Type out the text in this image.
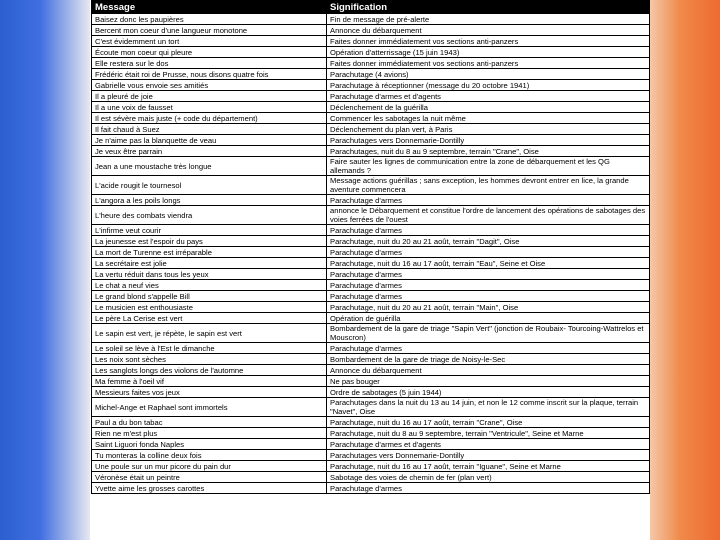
Message	Signification
Baisez donc les paupières	Fin de message de pré-alerte
Bercent mon coeur d'une langueur monotone	Annonce du débarquement
C'est évidemment un tort	Faites donner immédiatement vos sections anti-panzers
Écoute mon coeur qui pleure	Opération d'atterrissage (15 juin 1943)
Elle restera sur le dos	Faites donner immédiatement vos sections anti-panzers
Frédéric était roi de Prusse, nous disons quatre fois	Parachutage (4 avions)
Gabrielle vous envoie ses amitiés	Parachutage à réceptionner (message du 20 octobre 1941)
Il a pleuré de joie	Parachutage d'armes et d'agents
Il a une voix de fausset	Déclenchement de la guérilla
Il est sévère mais juste (+ code du département)	Commencer les sabotages la nuit même
Il fait chaud à Suez	Déclenchement du plan vert, à Paris
Je n'aime pas la blanquette de veau	Parachutages vers Donnemarie-Dontilly
Je veux être parrain	Parachutages, nuit du 8 au 9 septembre, terrain "Crane", Oise
Jean a une moustache très longue	Faire sauter les lignes de communication entre la zone de débarquement et les QG allemands ?
L'acide rougit le tournesol	Message actions guérillas ; sans exception, les hommes devront entrer en lice, la grande aventure commencera
L'angora a les poils longs	Parachutage d'armes
L'heure des combats viendra	annonce le Débarquement et constitue l'ordre de lancement des opérations de sabotages des voies ferrées de l'ouest
L'infirme veut courir	Parachutage d'armes
La jeunesse est l'espoir du pays	Parachutage, nuit du 20 au 21 août, terrain "Dagit", Oise
La mort de Turenne est irréparable	Parachutage d'armes
La secrétaire est jolie	Parachutage, nuit du 16 au 17 août, terrain "Eau", Seine et Oise
La vertu réduit dans tous les yeux	Parachutage d'armes
Le chat a neuf vies	Parachutage d'armes
Le grand blond s'appelle Bill	Parachutage d'armes
Le musicien est enthousiaste	Parachutage, nuit du 20 au 21 août, terrain "Main", Oise
Le père La Cerise est vert	Opération de guérilla
Le sapin est vert, je répète, le sapin est vert	Bombardement de la gare de triage "Sapin Vert" (jonction de Roubaix- Tourcoing-Wattrelos et Mouscron)
Le soleil se lève à l'Est le dimanche	Parachutage d'armes
Les noix sont sèches	Bombardement de la gare de triage de Noisy-le-Sec
Les sanglots longs des violons de l'automne	Annonce du débarquement
Ma femme à l'oeil vif	Ne pas bouger
Messieurs faites vos jeux	Ordre de sabotages (5 juin 1944)
Michel-Ange et Raphael sont immortels	Parachutages dans la nuit du 13 au 14 juin, et non le 12 comme inscrit sur la plaque, terrain "Navet", Oise
Paul a du bon tabac	Parachutage, nuit du 16 au 17 août, terrain "Crane", Oise
Rien ne m'est plus	Parachutage, nuit du 8 au 9 septembre, terrain "Ventricule", Seine et Marne
Saint Liguori fonda Naples	Parachutage d'armes et d'agents
Tu monteras la colline deux fois	Parachutages vers Donnemarie-Dontilly
Une poule sur un mur picore du pain dur	Parachutage, nuit du 16 au 17 août, terrain "Iguane", Seine et Marne
Véronèse était un peintre	Sabotage des voies de chemin de fer (plan vert)
Yvette aime les grosses carottes	Parachutage d'armes
